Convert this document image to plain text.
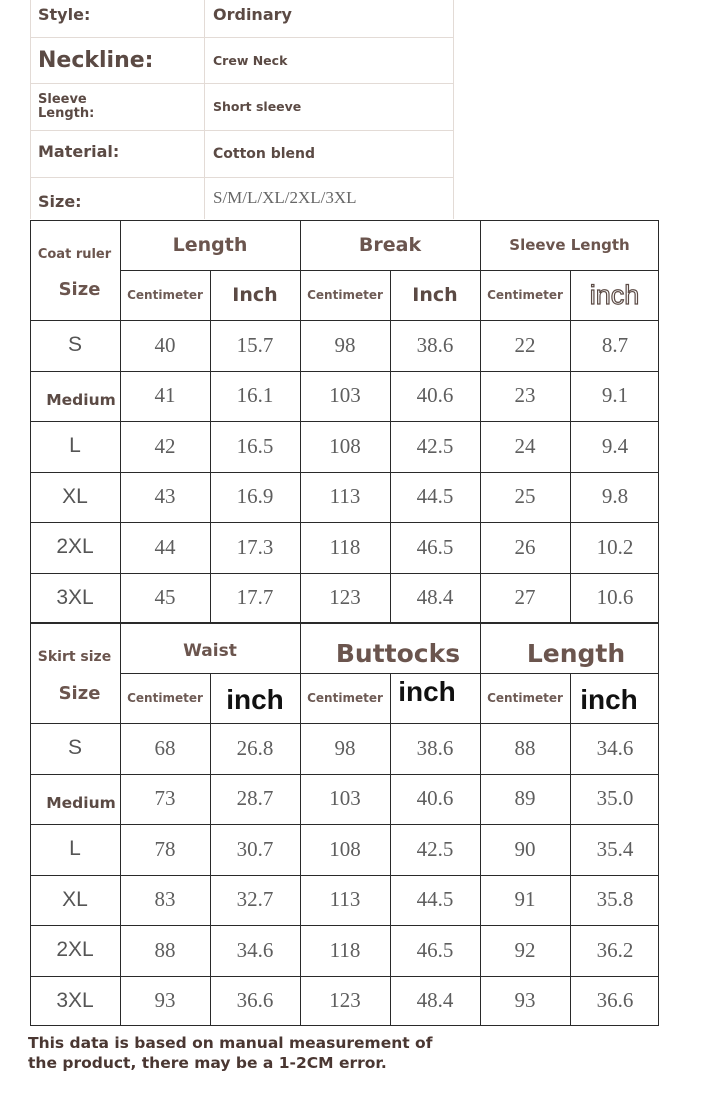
Style:	Ordinary
Neckline:	Crew Neck
Sleeve Length:	Short sleeve
Material:	Cotton blend
Size:	S/M/L/XL/2XL/3XL
Coat ruler
Size
Length	Break	Sleeve Length
Centimeter	Inch	Centimeter	Inch	Centimeter inch
S	40	15.7	98	38.6	22	8.7
Medium	41	16.1	103	40.6	23	9.1
L	42	16.5	108	42.5	24	9.4
XL	43	16.9	113	44.5	25	9.8
2XL	44	17.3	118	46.5	26	10.2
3XL	45	17.7	123	48.4	27	10.6
Skirt size
Size
Waist	Buttocks	Length
Centimeter inch	Centimeter inch	Centimeter inch
S	68	26.8	98	38.6	88	34.6
Medium	73	28.7	103	40.6	89	35.0
L	78	30.7	108	42.5	90	35.4
XL	83	32.7	113	44.5	91	35.8
2XL	88	34.6	118	46.5	92	36.2
3XL	93	36.6	123	48.4	93	36.6
This data is based on manual measurement of
the product, there may be a 1-2CM error.
